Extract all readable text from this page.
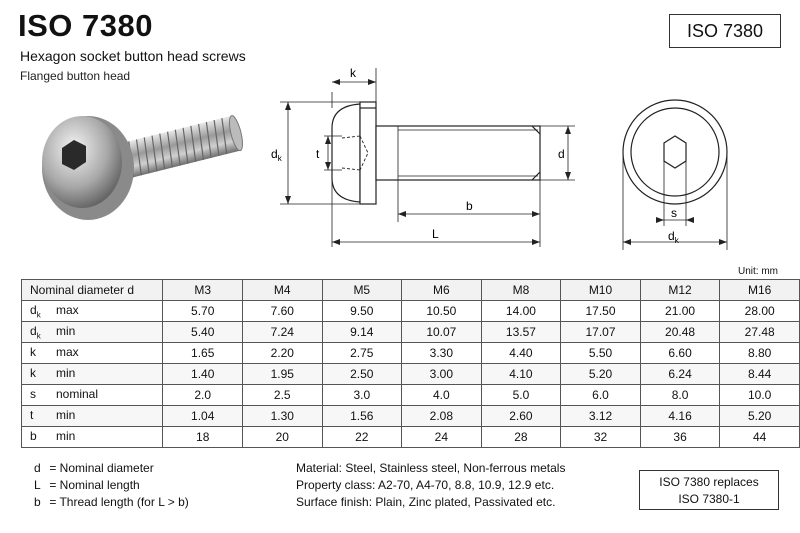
ISO 7380
Hexagon socket button head screws
Flanged button head
ISO 7380
k
$d_k$	t	d
b
L
s
$d_k$
Unit: mm
Nominal diameter d	M3	M4	M5	M6	M8	M10	M12	M16
$d_k$ max	5.70	7.60	9.50	10.50	14.00	17.50	21.00	28.00
$d_k$ min	5.40	7.24	9.14	10.07	13.57	17.07	20.48	27.48
k max	1.65	2.20	2.75	3.30	4.40	5.50	6.60	8.80
k min	1.40	1.95	2.50	3.00	4.10	5.20	6.24	8.44
s nominal	2.0	2.5	3.0	4.0	5.0	6.0	8.0	10.0
t min	1.04	1.30	1.56	2.08	2.60	3.12	4.16	5.20
b min	18	20	22	24	28	32	36	44
d = Nominal diameter
L = Nominal length
b = Thread length (for L > b)
Material: Steel, Stainless steel, Non-ferrous metals
Property class: A2-70, A4-70, 8.8, 10.9, 12.9 etc.
Surface finish: Plain, Zinc plated, Passivated etc.
ISO 7380 replaces
ISO 7380-1
